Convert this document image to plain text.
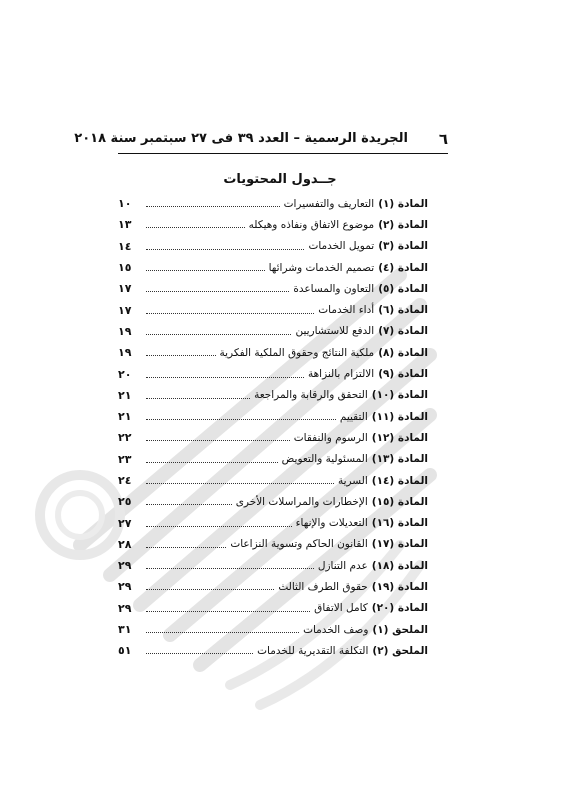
٦
الجريدة الرسمية – العدد ٣٩ فى ٢٧ سبتمبر سنة ٢٠١٨
جــدول المحتويات
المادة (١)
التعاريف والتفسيرات
١٠
المادة (٢)
موضوع الاتفاق ونفاذه وهيكله
١٣
المادة (٣)
تمويل الخدمات
١٤
المادة (٤)
تصميم الخدمات وشرائها
١٥
المادة (٥)
التعاون والمساعدة
١٧
المادة (٦)
أداء الخدمات
١٧
المادة (٧)
الدفع للاستشاريين
١٩
المادة (٨)
ملكية النتائج وحقوق الملكية الفكرية
١٩
المادة (٩)
الالتزام بالنزاهة
٢٠
المادة (١٠)
التحقق والرقابة والمراجعة
٢١
المادة (١١)
التقييم
٢١
المادة (١٢)
الرسوم والنفقات
٢٢
المادة (١٣)
المسئولية والتعويض
٢٣
المادة (١٤)
السرية
٢٤
المادة (١٥)
الإخطارات والمراسلات الأخرى
٢٥
المادة (١٦)
التعديلات والإنهاء
٢٧
المادة (١٧)
القانون الحاكم وتسوية النزاعات
٢٨
المادة (١٨)
عدم التنازل
٢٩
المادة (١٩)
حقوق الطرف الثالث
٢٩
المادة (٢٠)
كامل الاتفاق
٢٩
الملحق (١)
وصف الخدمات
٣١
الملحق (٢)
التكلفة التقديرية للخدمات
٥١
